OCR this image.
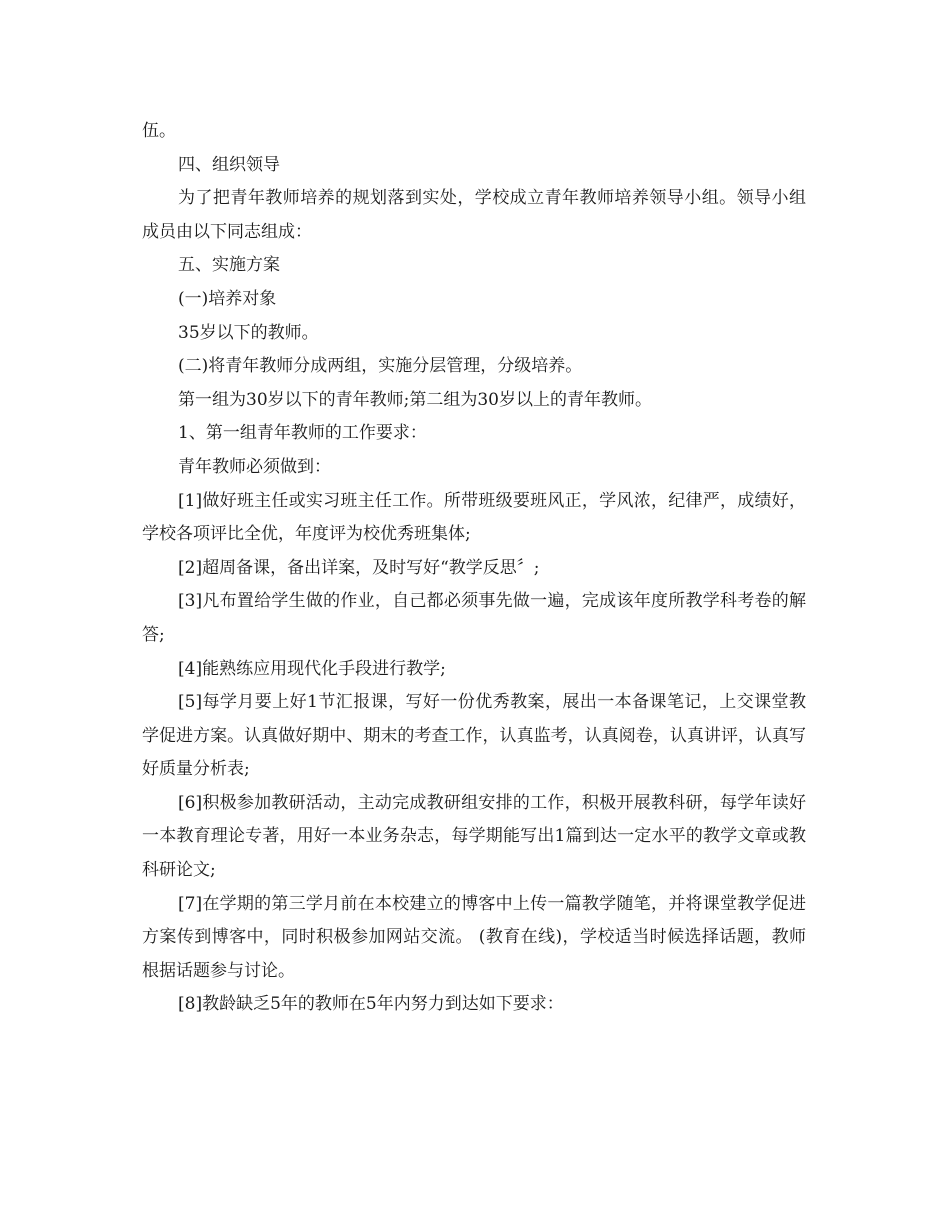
伍。

四、组织领导

为了把青年教师培养的规划落到实处，学校成立青年教师培养领导小组。领导小组成员由以下同志组成：

五、实施方案

(一)培养对象

35岁以下的教师。

(二)将青年教师分成两组，实施分层管理，分级培养。

第一组为30岁以下的青年教师;第二组为30岁以上的青年教师。

1、第一组青年教师的工作要求：

青年教师必须做到：

[1]做好班主任或实习班主任工作。所带班级要班风正，学风浓，纪律严，成绩好，学校各项评比全优，年度评为校优秀班集体;

[2]超周备课，备出详案，及时写好“教学反思〞;

[3]凡布置给学生做的作业，自己都必须事先做一遍，完成该年度所教学科考卷的解答;

[4]能熟练应用现代化手段进行教学;

[5]每学月要上好1节汇报课，写好一份优秀教案，展出一本备课笔记，上交课堂教学促进方案。认真做好期中、期末的考查工作，认真监考，认真阅卷，认真讲评，认真写好质量分析表;

[6]积极参加教研活动，主动完成教研组安排的工作，积极开展教科研，每学年读好一本教育理论专著，用好一本业务杂志，每学期能写出1篇到达一定水平的教学文章或教科研论文;

[7]在学期的第三学月前在本校建立的博客中上传一篇教学随笔，并将课堂教学促进方案传到博客中，同时积极参加网站交流。 (教育在线)，学校适当时候选择话题，教师根据话题参与讨论。

[8]教龄缺乏5年的教师在5年内努力到达如下要求：
